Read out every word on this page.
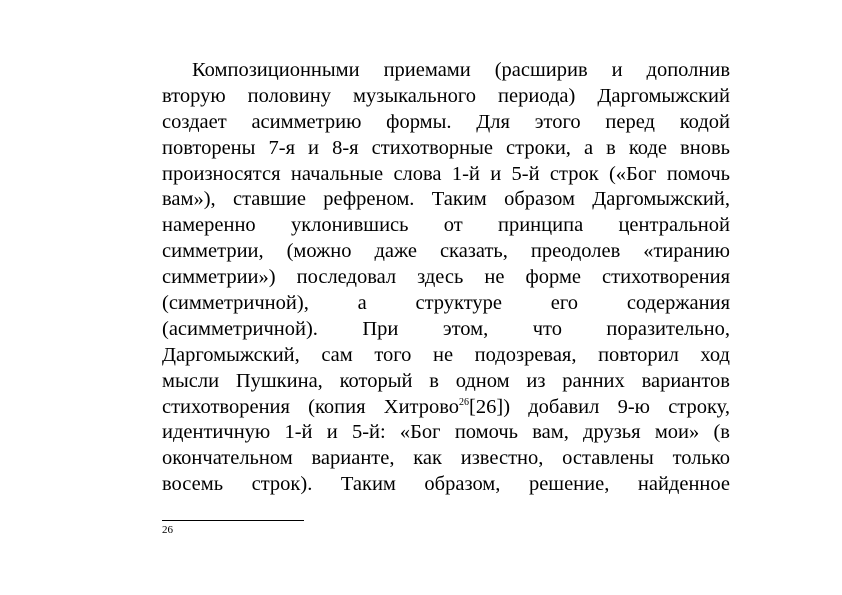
Композиционными приемами (расширив и дополнив
вторую половину музыкального периода) Даргомыжский
создает асимметрию формы. Для этого перед кодой
повторены 7-я и 8-я стихотворные строки, а в коде вновь
произносятся начальные слова 1-й и 5-й строк («Бог помочь
вам»), ставшие рефреном. Таким образом Даргомыжский,
намеренно уклонившись от принципа центральной
симметрии, (можно даже сказать, преодолев «тиранию
симметрии») последовал здесь не форме стихотворения
(симметричной), а структуре его содержания
(асимметричной). При этом, что поразительно,
Даргомыжский, сам того не подозревая, повторил ход
мысли Пушкина, который в одном из ранних вариантов
стихотворения (копия Хитрово$^{26}$[26]) добавил 9-ю строку,
идентичную 1-й и 5-й: «Бог помочь вам, друзья мои» (в
окончательном варианте, как известно, оставлены только
восемь строк). Таким образом, решение, найденное
26
